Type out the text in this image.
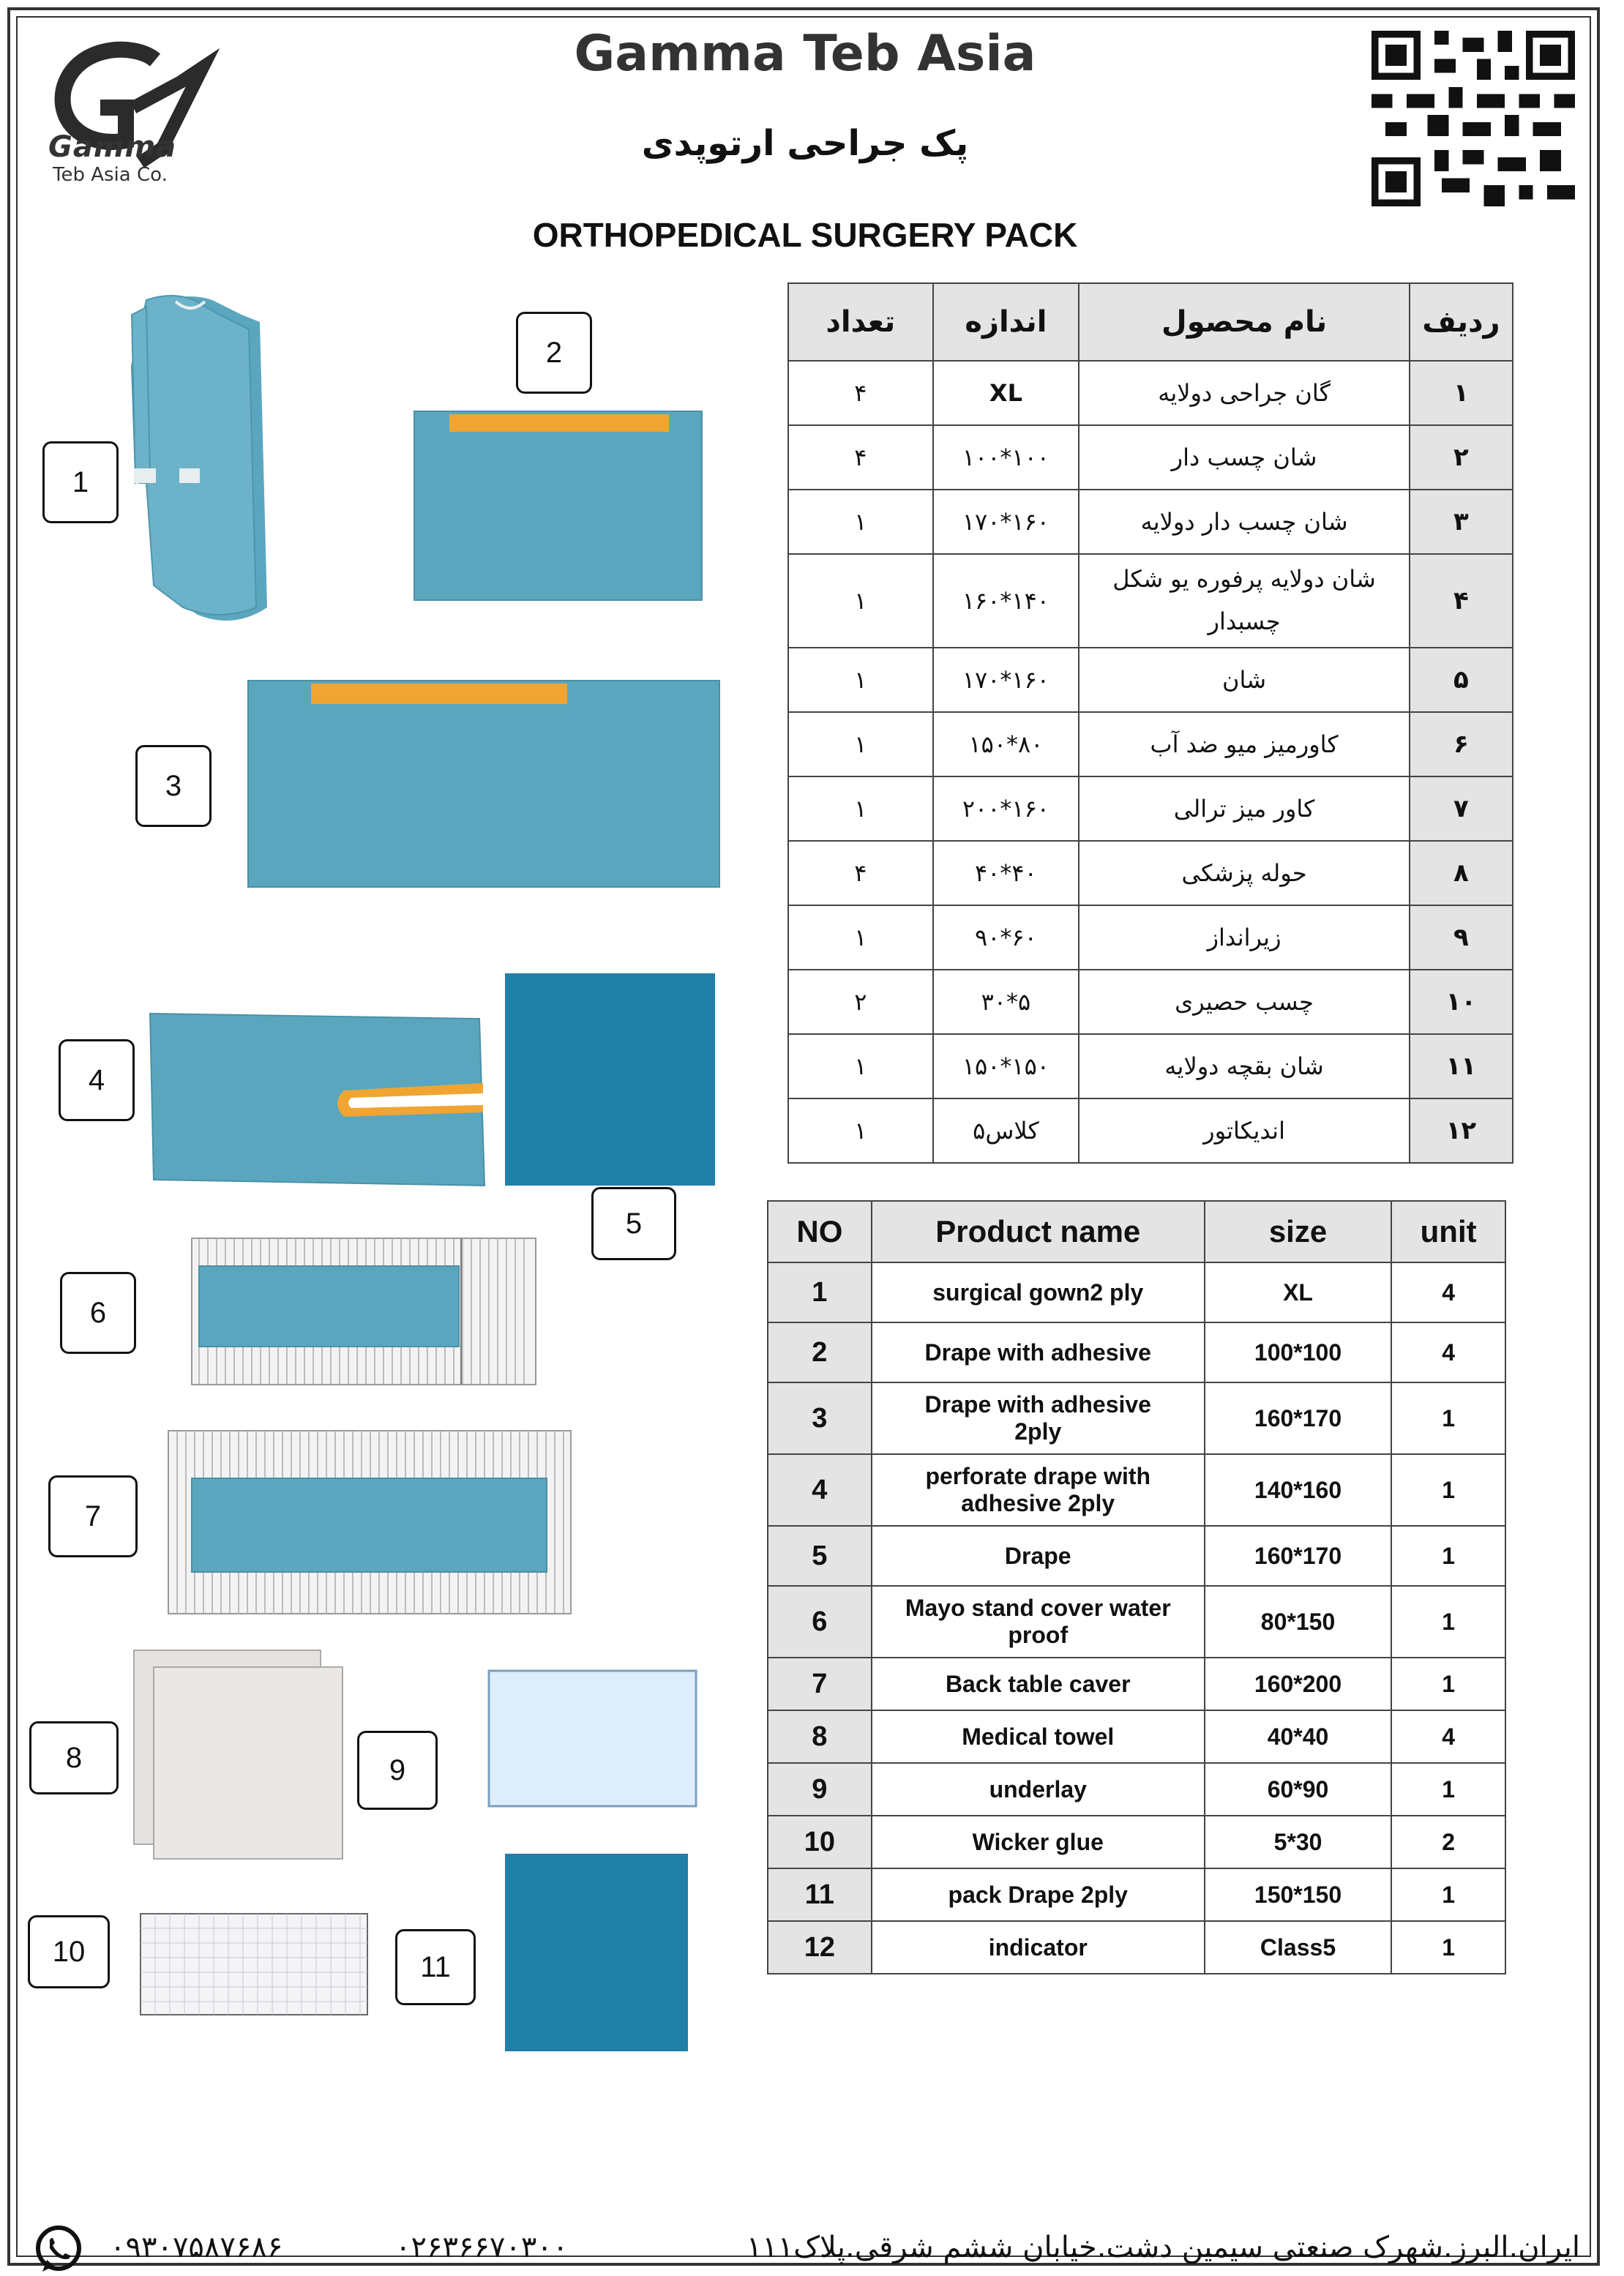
Gamma
Teb Asia Co.
Gamma Teb Asia
پک جراحی ارتوپدی
ORTHOPEDICAL SURGERY PACK
1
2
3
4
5
6
7
8	9
10	11
ردیف	نام محصول	اندازه	تعداد
۱	گان جراحی دولایه	XL	۴
۲	شان چسب دار	۱۰۰*۱۰۰	۴
۳	شان چسب دار دولایه	۱۶۰*۱۷۰	۱
۴	شان دولایه پرفوره یو شکل چسبدار	۱۴۰*۱۶۰	۱
۵	شان	۱۶۰*۱۷۰	۱
۶	کاورمیز میو ضد آب	۸۰*۱۵۰	۱
۷	کاور میز ترالی	۱۶۰*۲۰۰	۱
۸	حوله پزشکی	۴۰*۴۰	۴
۹	زیرانداز	۶۰*۹۰	۱
۱۰	چسب حصیری	۵*۳۰	۲
۱۱	شان بقچه دولایه	۱۵۰*۱۵۰	۱
۱۲	اندیکاتور	کلاس۵	۱
NO	Product name	size	unit
1	surgical gown2 ply	XL	4
2	Drape with adhesive	100*100	4
3	Drape with adhesive 2ply	160*170	1
4	perforate drape with adhesive 2ply	140*160	1
5	Drape	160*170	1
6	Mayo stand cover water proof	80*150	1
7	Back table caver	160*200	1
8	Medical towel	40*40	4
9	underlay	60*90	1
10	Wicker glue	5*30	2
11	pack Drape 2ply	150*150	1
12	indicator	Class5	1
۰۹۳۰۷۵۸۷۶۸۶	۰۲۶۳۶۶۷۰۳۰۰	ایران.البرز.شهرک صنعتی سیمین دشت.خیابان ششم شرقی.پلاک۱۱۱
